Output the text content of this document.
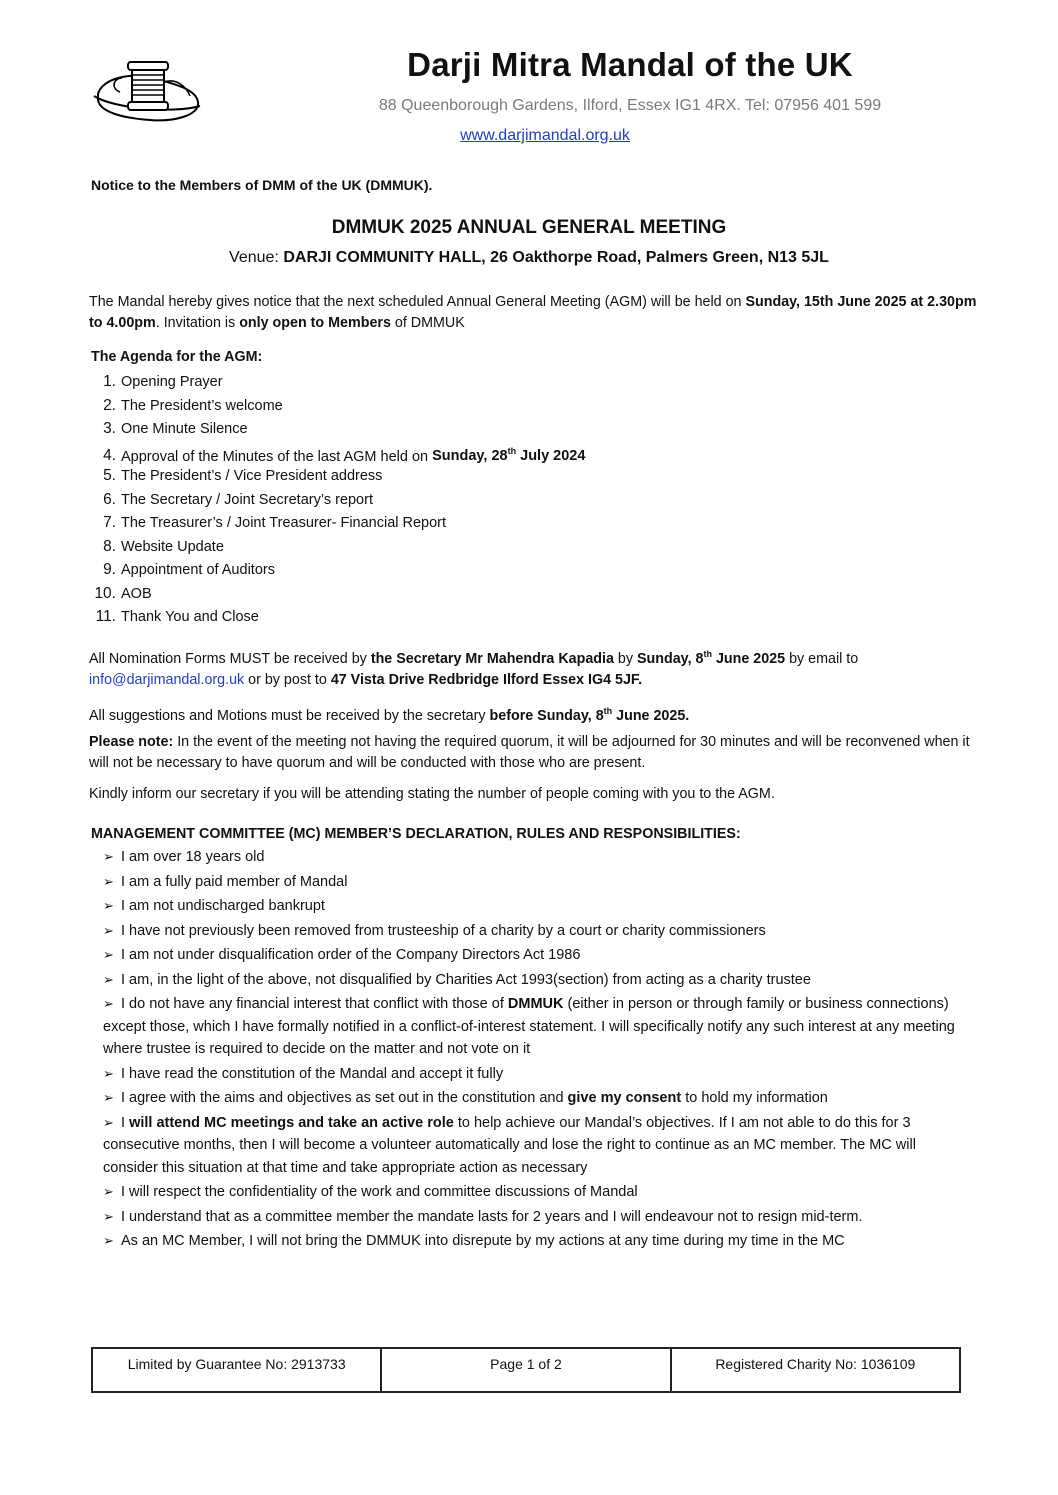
Darji Mitra Mandal of the UK
88 Queenborough Gardens, Ilford, Essex IG1 4RX. Tel: 07956 401 599
www.darjimandal.org.uk
Notice to the Members of DMM of the UK (DMMUK).
DMMUK 2025 ANNUAL GENERAL MEETING
Venue: DARJI COMMUNITY HALL, 26 Oakthorpe Road, Palmers Green, N13 5JL
The Mandal hereby gives notice that the next scheduled Annual General Meeting (AGM) will be held on Sunday, 15th June 2025 at 2.30pm to 4.00pm. Invitation is only open to Members of DMMUK
The Agenda for the AGM:
1. Opening Prayer
2. The President’s welcome
3. One Minute Silence
4. Approval of the Minutes of the last AGM held on Sunday, 28th July 2024
5. The President’s / Vice President address
6. The Secretary / Joint Secretary’s report
7. The Treasurer’s / Joint Treasurer- Financial Report
8. Website Update
9. Appointment of Auditors
10. AOB
11. Thank You and Close
All Nomination Forms MUST be received by the Secretary Mr Mahendra Kapadia by Sunday, 8th June 2025 by email to
info@darjimandal.org.uk or by post to 47 Vista Drive Redbridge Ilford Essex IG4 5JF.
All suggestions and Motions must be received by the secretary before Sunday, 8th June 2025.
Please note: In the event of the meeting not having the required quorum, it will be adjourned for 30 minutes and will be reconvened when it will not be necessary to have quorum and will be conducted with those who are present.
Kindly inform our secretary if you will be attending stating the number of people coming with you to the AGM.
MANAGEMENT COMMITTEE (MC) MEMBER’S DECLARATION, RULES AND RESPONSIBILITIES:
➢ I am over 18 years old
➢ I am a fully paid member of Mandal
➢ I am not undischarged bankrupt
➢ I have not previously been removed from trusteeship of a charity by a court or charity commissioners
➢ I am not under disqualification order of the Company Directors Act 1986
➢ I am, in the light of the above, not disqualified by Charities Act 1993(section) from acting as a charity trustee
➢ I do not have any financial interest that conflict with those of DMMUK (either in person or through family or business connections) except those, which I have formally notified in a conflict-of-interest statement. I will specifically notify any such interest at any meeting where trustee is required to decide on the matter and not vote on it
➢ I have read the constitution of the Mandal and accept it fully
➢ I agree with the aims and objectives as set out in the constitution and give my consent to hold my information
➢ I will attend MC meetings and take an active role to help achieve our Mandal’s objectives. If I am not able to do this for 3 consecutive months, then I will become a volunteer automatically and lose the right to continue as an MC member. The MC will consider this situation at that time and take appropriate action as necessary
➢ I will respect the confidentiality of the work and committee discussions of Mandal
➢ I understand that as a committee member the mandate lasts for 2 years and I will endeavour not to resign mid-term.
➢ As an MC Member, I will not bring the DMMUK into disrepute by my actions at any time during my time in the MC
Limited by Guarantee No: 2913733	Page 1 of 2	Registered Charity No: 1036109
